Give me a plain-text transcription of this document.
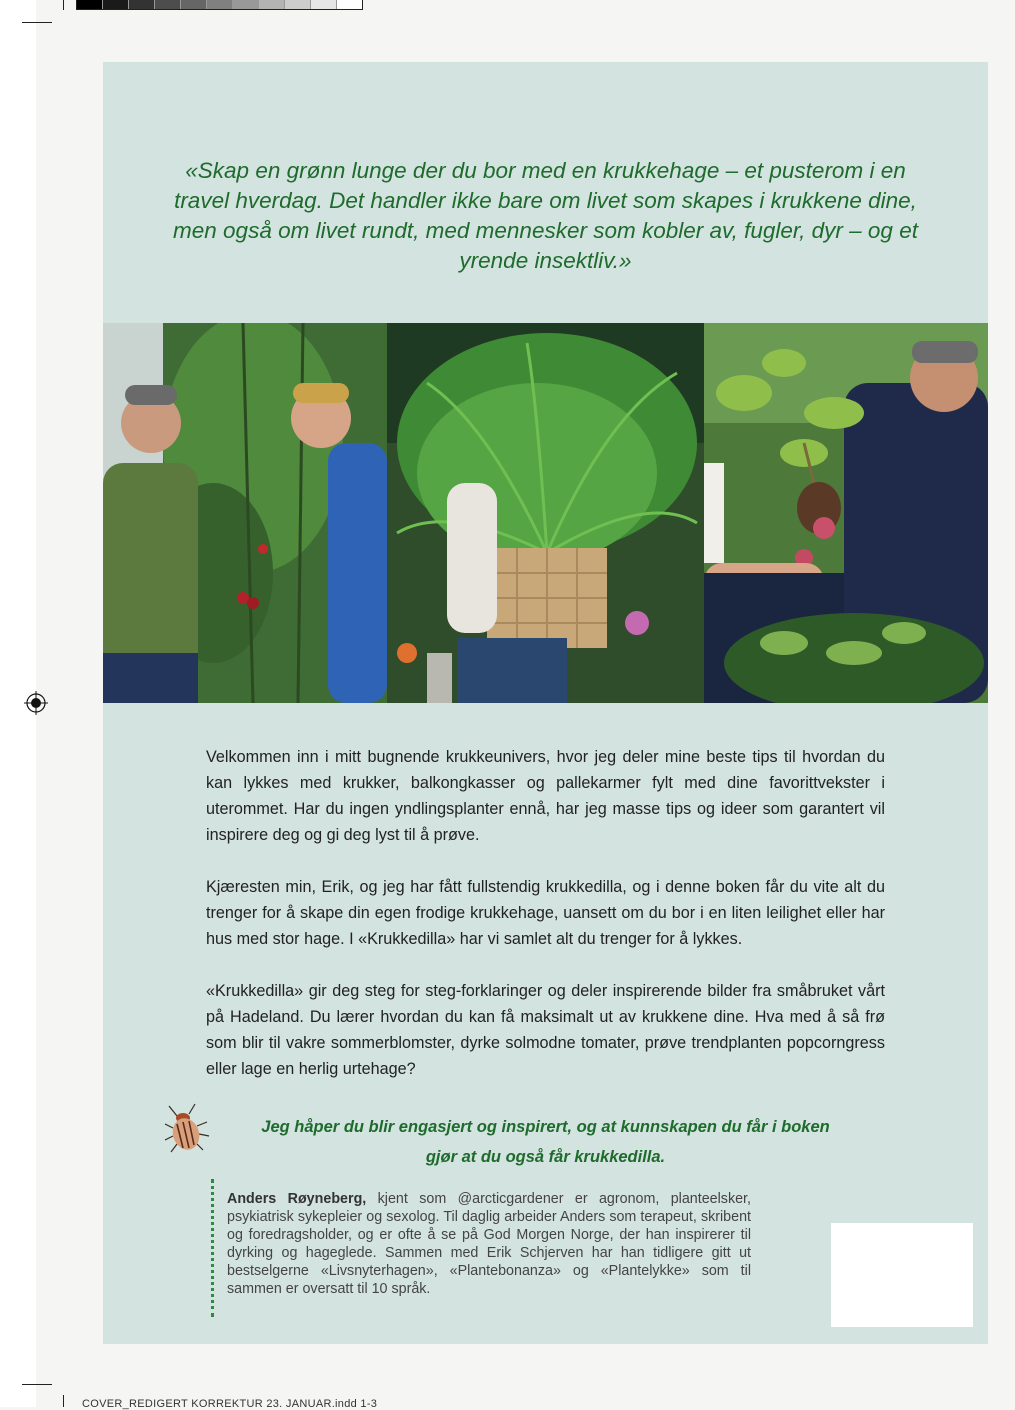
«Skap en grønn lunge der du bor med en krukkehage – et pusterom i en travel hverdag. Det handler ikke bare om livet som skapes i krukkene dine, men også om livet rundt, med mennesker som kobler av, fugler, dyr – og et yrende insektliv.»

Velkommen inn i mitt bugnende krukkeunivers, hvor jeg deler mine beste tips til hvordan du kan lykkes med krukker, balkongkasser og pallekarmer fylt med dine favorittvekster i uterommet. Har du ingen yndlingsplanter ennå, har jeg masse tips og ideer som garantert vil inspirere deg og gi deg lyst til å prøve.

Kjæresten min, Erik, og jeg har fått fullstendig krukkedilla, og i denne boken får du vite alt du trenger for å skape din egen frodige krukkehage, uansett om du bor i en liten leilighet eller har hus med stor hage. I «Krukkedilla» har vi samlet alt du trenger for å lykkes.

«Krukkedilla» gir deg steg for steg-forklaringer og deler inspirerende bilder fra småbruket vårt på Hadeland. Du lærer hvordan du kan få maksimalt ut av krukkene dine. Hva med å så frø som blir til vakre sommerblomster, dyrke solmodne tomater, prøve trendplanten popcorngress eller lage en herlig urtehage?

Jeg håper du blir engasjert og inspirert, og at kunnskapen du får i boken
gjør at du også får krukkedilla.

Anders Røyneberg, kjent som @arcticgardener er agronom, planteelsker, psykiatrisk sykepleier og sexolog. Til daglig arbeider Anders som terapeut, skribent og foredragsholder, og er ofte å se på God Morgen Norge, der han inspirerer til dyrking og hageglede. Sammen med Erik Schjerven har han tidligere gitt ut bestselgerne «Livsnyterhagen», «Plantebonanza» og «Plantelykke» som til sammen er oversatt til 10 språk.

COVER_REDIGERT KORREKTUR 23. JANUAR.indd 1-3
